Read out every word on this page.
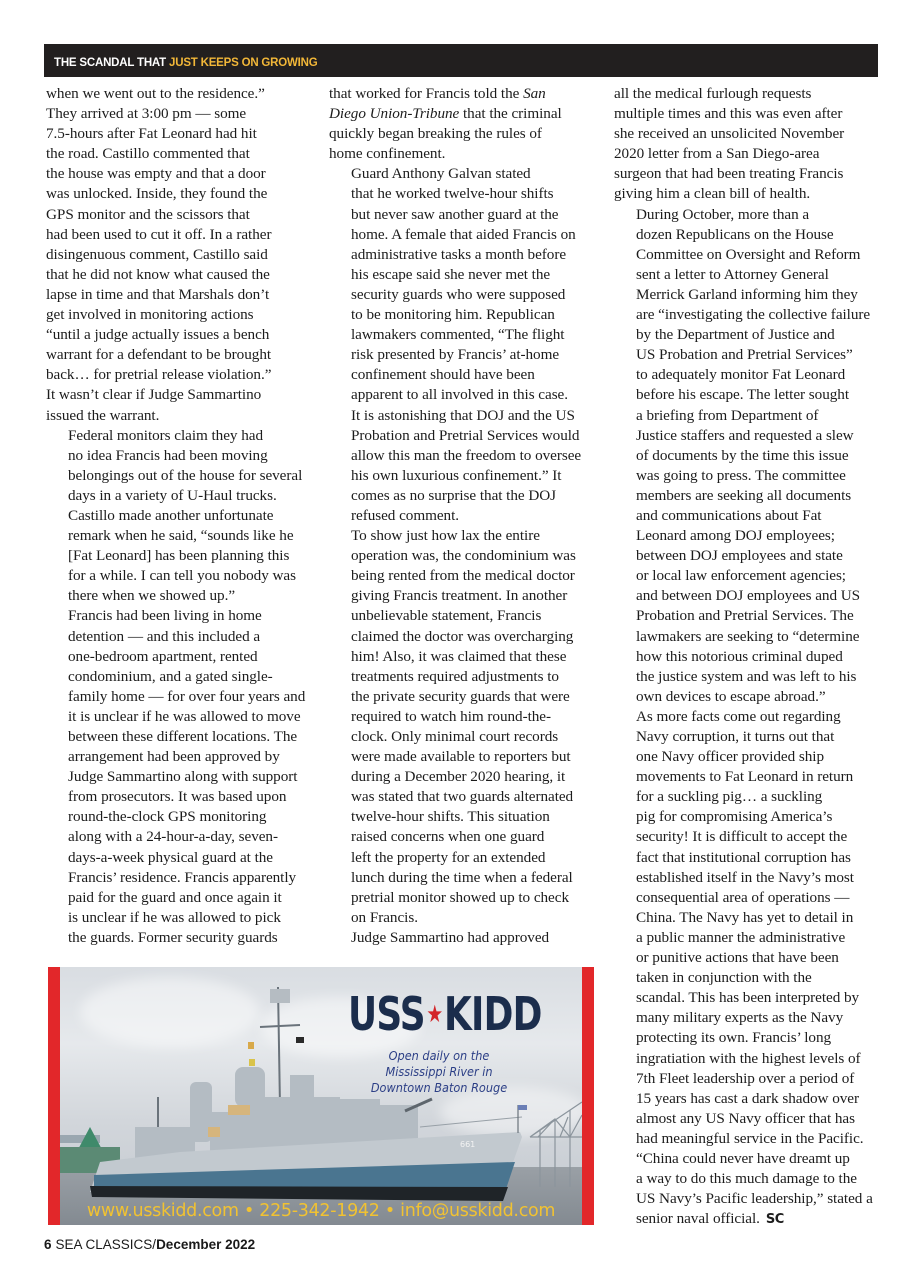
THE SCANDAL THAT JUST KEEPS ON GROWING

when we went out to the residence.”
They arrived at 3:00 pm — some
7.5-hours after Fat Leonard had hit
the road. Castillo commented that
the house was empty and that a door
was unlocked. Inside, they found the
GPS monitor and the scissors that
had been used to cut it off. In a rather
disingenuous comment, Castillo said
that he did not know what caused the
lapse in time and that Marshals don’t
get involved in monitoring actions
“until a judge actually issues a bench
warrant for a defendant to be brought
back… for pretrial release violation.”
It wasn’t clear if Judge Sammartino
issued the warrant.

Federal monitors claim they had
no idea Francis had been moving
belongings out of the house for several
days in a variety of U-Haul trucks.
Castillo made another unfortunate
remark when he said, “sounds like he
[Fat Leonard] has been planning this
for a while. I can tell you nobody was
there when we showed up.”

Francis had been living in home
detention — and this included a
one-bedroom apartment, rented
condominium, and a gated single-
family home — for over four years and
it is unclear if he was allowed to move
between these different locations. The
arrangement had been approved by
Judge Sammartino along with support
from prosecutors. It was based upon
round-the-clock GPS monitoring
along with a 24-hour-a-day, seven-
days-a-week physical guard at the
Francis’ residence. Francis apparently
paid for the guard and once again it
is unclear if he was allowed to pick
the guards. Former security guards

that worked for Francis told the San
Diego Union-Tribune that the criminal
quickly began breaking the rules of
home confinement.

Guard Anthony Galvan stated
that he worked twelve-hour shifts
but never saw another guard at the
home. A female that aided Francis on
administrative tasks a month before
his escape said she never met the
security guards who were supposed
to be monitoring him. Republican
lawmakers commented, “The flight
risk presented by Francis’ at-home
confinement should have been
apparent to all involved in this case.
It is astonishing that DOJ and the US
Probation and Pretrial Services would
allow this man the freedom to oversee
his own luxurious confinement.” It
comes as no surprise that the DOJ
refused comment.

To show just how lax the entire
operation was, the condominium was
being rented from the medical doctor
giving Francis treatment. In another
unbelievable statement, Francis
claimed the doctor was overcharging
him! Also, it was claimed that these
treatments required adjustments to
the private security guards that were
required to watch him round-the-
clock. Only minimal court records
were made available to reporters but
during a December 2020 hearing, it
was stated that two guards alternated
twelve-hour shifts. This situation
raised concerns when one guard
left the property for an extended
lunch during the time when a federal
pretrial monitor showed up to check
on Francis.

Judge Sammartino had approved

all the medical furlough requests
multiple times and this was even after
she received an unsolicited November
2020 letter from a San Diego-area
surgeon that had been treating Francis
giving him a clean bill of health.

During October, more than a
dozen Republicans on the House
Committee on Oversight and Reform
sent a letter to Attorney General
Merrick Garland informing him they
are “investigating the collective failure
by the Department of Justice and
US Probation and Pretrial Services”
to adequately monitor Fat Leonard
before his escape. The letter sought
a briefing from Department of
Justice staffers and requested a slew
of documents by the time this issue
was going to press. The committee
members are seeking all documents
and communications about Fat
Leonard among DOJ employees;
between DOJ employees and state
or local law enforcement agencies;
and between DOJ employees and US
Probation and Pretrial Services. The
lawmakers are seeking to “determine
how this notorious criminal duped
the justice system and was left to his
own devices to escape abroad.”

As more facts come out regarding
Navy corruption, it turns out that
one Navy officer provided ship
movements to Fat Leonard in return
for a suckling pig… a suckling
pig for compromising America’s
security! It is difficult to accept the
fact that institutional corruption has
established itself in the Navy’s most
consequential area of operations —
China. The Navy has yet to detail in
a public manner the administrative
or punitive actions that have been
taken in conjunction with the
scandal. This has been interpreted by
many military experts as the Navy
protecting its own. Francis’ long
ingratiation with the highest levels of
7th Fleet leadership over a period of
15 years has cast a dark shadow over
almost any US Navy officer that has
had meaningful service in the Pacific.
“China could never have dreamt up
a way to do this much damage to the
US Navy’s Pacific leadership,” stated a
senior naval official. SC

661
USS★KIDD
Open daily on the
Mississippi River in
Downtown Baton Rouge
www.usskidd.com • 225-342-1942 • info@usskidd.com
6 SEA CLASSICS/December 2022
